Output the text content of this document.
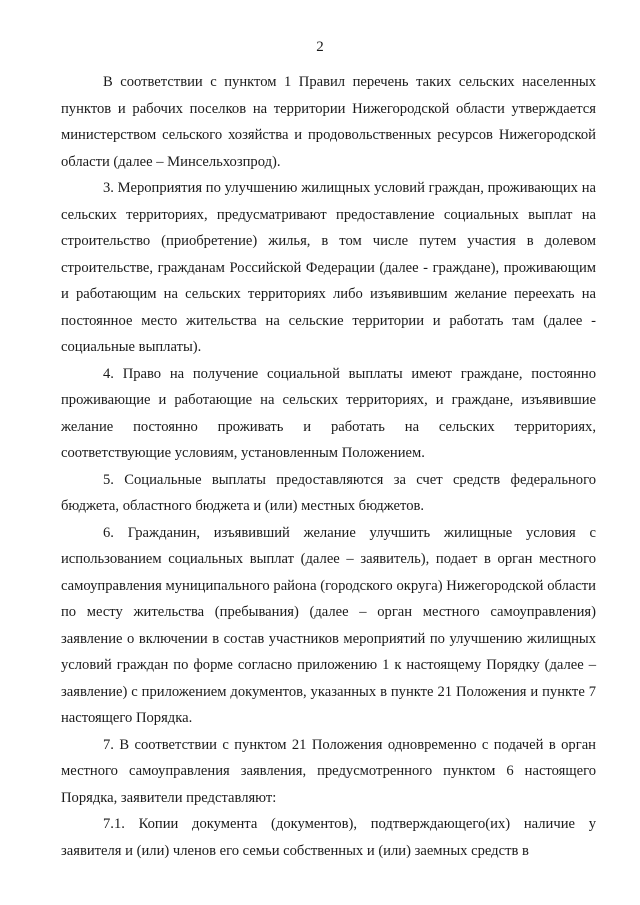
2

В соответствии с пунктом 1 Правил перечень таких сельских населенных пунктов и рабочих поселков на территории Нижегородской области утверждается министерством сельского хозяйства и продовольственных ресурсов Нижегородской области (далее – Минсельхозпрод).

3. Мероприятия по улучшению жилищных условий граждан, проживающих на сельских территориях, предусматривают предоставление социальных выплат на строительство (приобретение) жилья, в том числе путем участия в долевом строительстве, гражданам Российской Федерации (далее - граждане), проживающим и работающим на сельских территориях либо изъявившим желание переехать на постоянное место жительства на сельские территории и работать там (далее - социальные выплаты).

4. Право на получение социальной выплаты имеют граждане, постоянно проживающие и работающие на сельских территориях, и граждане, изъявившие желание постоянно проживать и работать на сельских территориях, соответствующие условиям, установленным Положением.

5. Социальные выплаты предоставляются за счет средств федерального бюджета, областного бюджета и (или) местных бюджетов.

6. Гражданин, изъявивший желание улучшить жилищные условия с использованием социальных выплат (далее – заявитель), подает в орган местного самоуправления муниципального района (городского округа) Нижегородской области по месту жительства (пребывания) (далее – орган местного самоуправления) заявление о включении в состав участников мероприятий по улучшению жилищных условий граждан по форме согласно приложению 1 к настоящему Порядку (далее – заявление) с приложением документов, указанных в пункте 21 Положения и пункте 7 настоящего Порядка.

7. В соответствии с пунктом 21 Положения одновременно с подачей в орган местного самоуправления заявления, предусмотренного пунктом 6 настоящего Порядка, заявители представляют:

7.1. Копии документа (документов), подтверждающего(их) наличие у заявителя и (или) членов его семьи собственных и (или) заемных средств в
